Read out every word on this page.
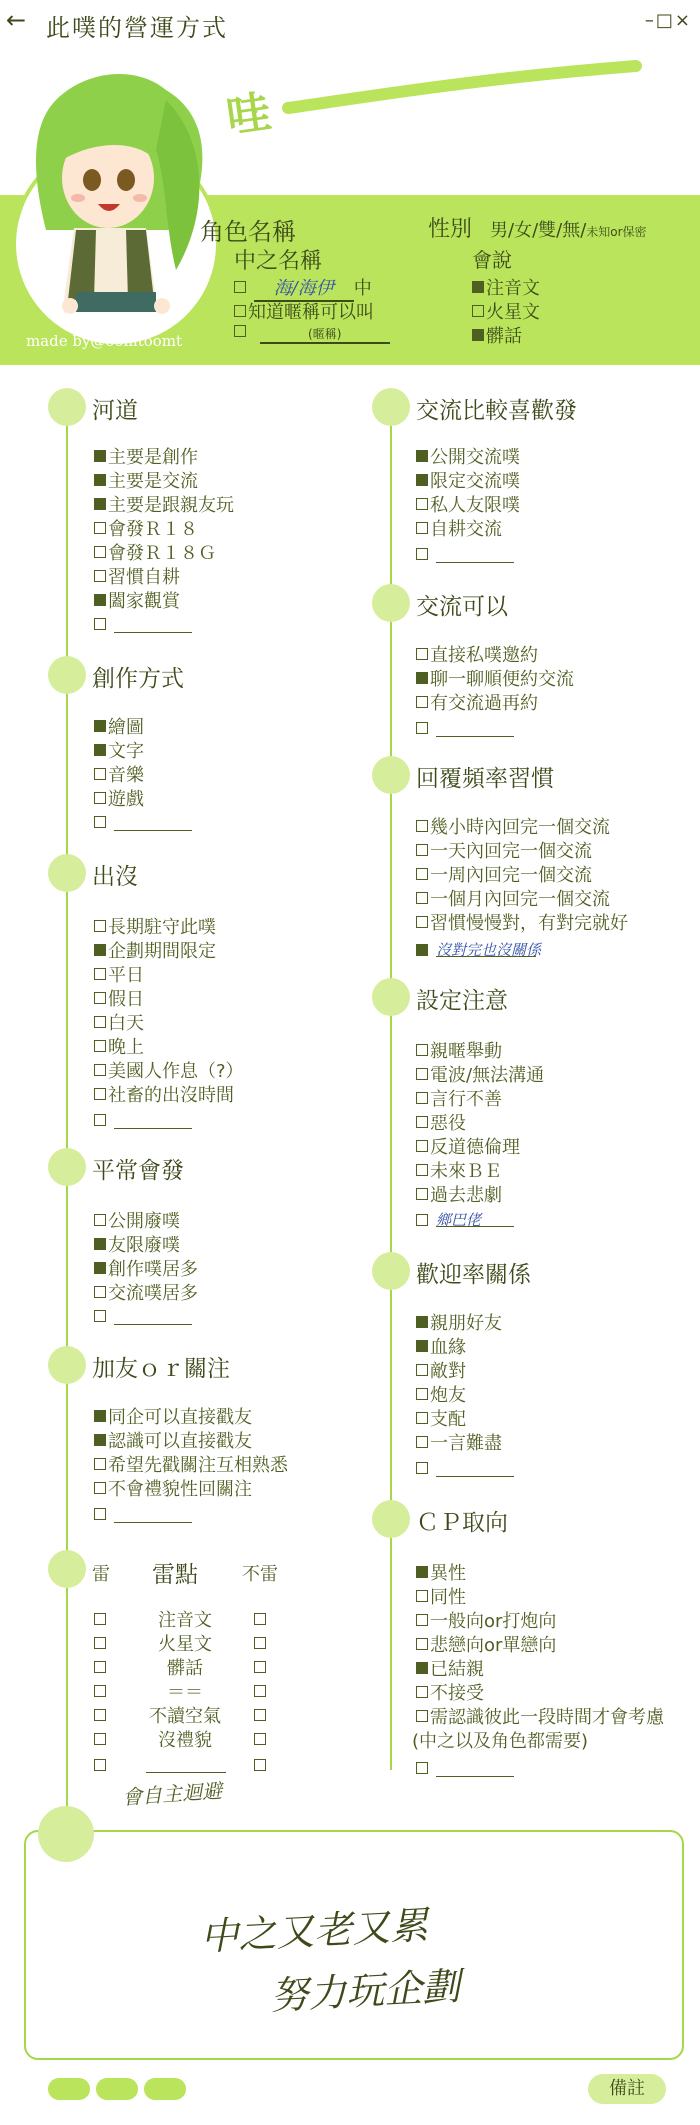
← 此噗的營運方式	–□×
哇
the sheet is
made by@oomtoomt
角色名稱	性別 男/女/雙/無/未知or保密
中之名稱	會說
海/海伊 中
知道暱稱可以叫
(暱稱)
注音文
火星文
髒話
河道
主要是創作
主要是交流
主要是跟親友玩
會發Ｒ１８
會發Ｒ１８Ｇ
習慣自耕
闔家觀賞
創作方式
繪圖
文字
音樂
遊戲
出沒
長期駐守此噗
企劃期間限定
平日
假日
白天
晚上
美國人作息（?）
社畜的出沒時間
平常會發
公開廢噗
友限廢噗
創作噗居多
交流噗居多
加友ｏｒ關注
同企可以直接戳友
認識可以直接戳友
希望先戳關注互相熟悉
不會禮貌性回關注
雷 雷點 不雷
注音文
火星文
髒話
＝＝
不讀空氣
沒禮貌
會自主迴避
交流比較喜歡發
公開交流噗
限定交流噗
私人友限噗
自耕交流
交流可以
直接私噗邀約
聊一聊順便約交流
有交流過再約
回覆頻率習慣
幾小時內回完一個交流
一天內回完一個交流
一周內回完一個交流
一個月內回完一個交流
習慣慢慢對，有對完就好
$^{沒對完也沒關係}$
設定注意
親暱舉動
電波/無法溝通
言行不善
惡役
反道德倫理
未來ＢＥ
過去悲劇
$^{鄉巴佬}$
歡迎率關係
親朋好友
血緣
敵對
炮友
支配
一言難盡
ＣＰ取向
異性
同性
一般向or打炮向
悲戀向or單戀向
已結親
不接受
需認識彼此一段時間才會考慮
(中之以及角色都需要)
中之又老又累
努力玩企劃
備註
